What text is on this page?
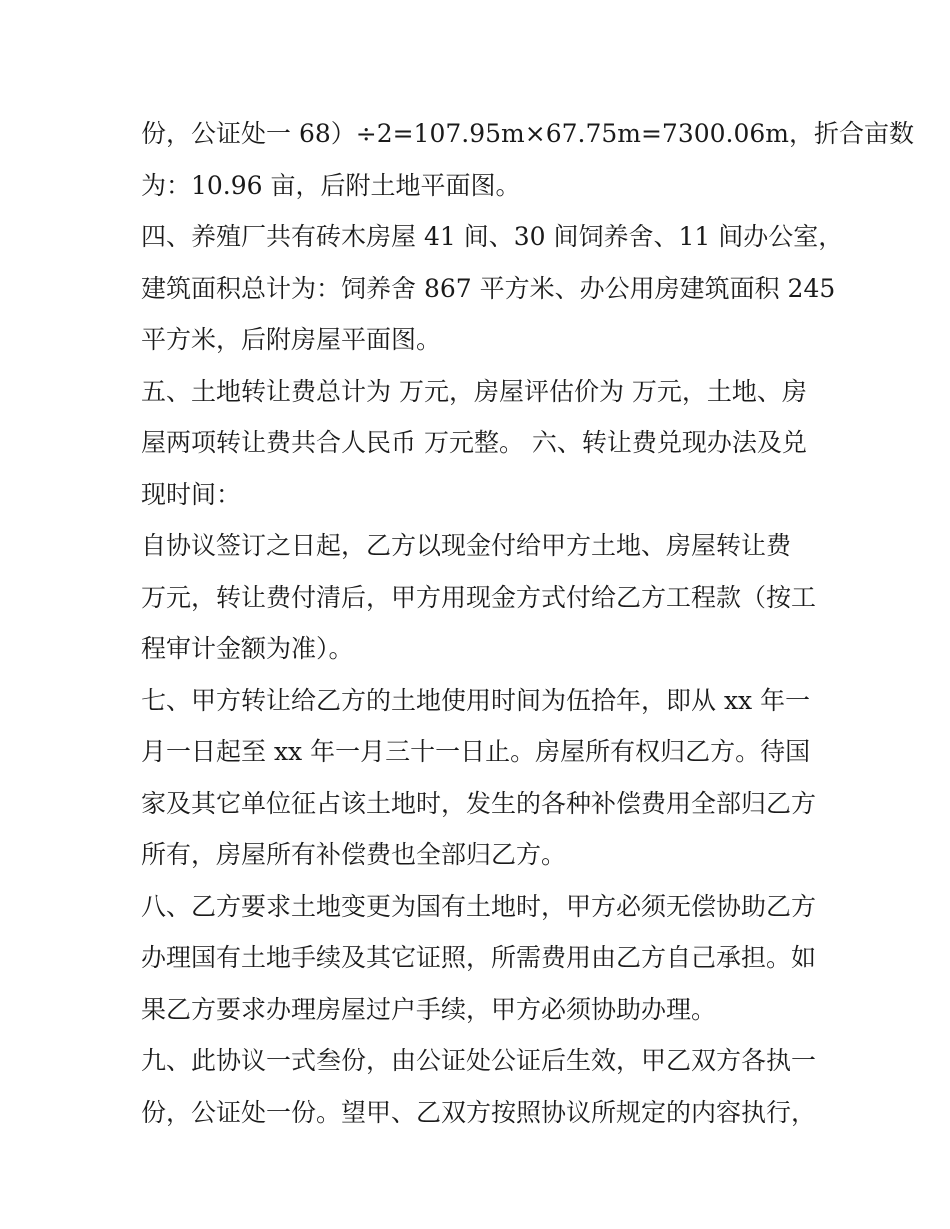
份，公证处一 68）÷2=107.95m×67.75m=7300.06m，折合亩数
为：10.96 亩，后附土地平面图。
四、养殖厂共有砖木房屋 41 间、30 间饲养舍、11 间办公室，
建筑面积总计为：饲养舍 867 平方米、办公用房建筑面积 245
平方米，后附房屋平面图。
五、土地转让费总计为 万元，房屋评估价为 万元，土地、房
屋两项转让费共合人民币 万元整。 六、转让费兑现办法及兑
现时间：
自协议签订之日起，乙方以现金付给甲方土地、房屋转让费
万元，转让费付清后，甲方用现金方式付给乙方工程款（按工
程审计金额为准）。
七、甲方转让给乙方的土地使用时间为伍拾年，即从 xx 年一
月一日起至 xx 年一月三十一日止。房屋所有权归乙方。待国
家及其它单位征占该土地时，发生的各种补偿费用全部归乙方
所有，房屋所有补偿费也全部归乙方。
八、乙方要求土地变更为国有土地时，甲方必须无偿协助乙方
办理国有土地手续及其它证照，所需费用由乙方自己承担。如
果乙方要求办理房屋过户手续，甲方必须协助办理。
九、此协议一式叁份，由公证处公证后生效，甲乙双方各执一
份，公证处一份。望甲、乙双方按照协议所规定的内容执行，
